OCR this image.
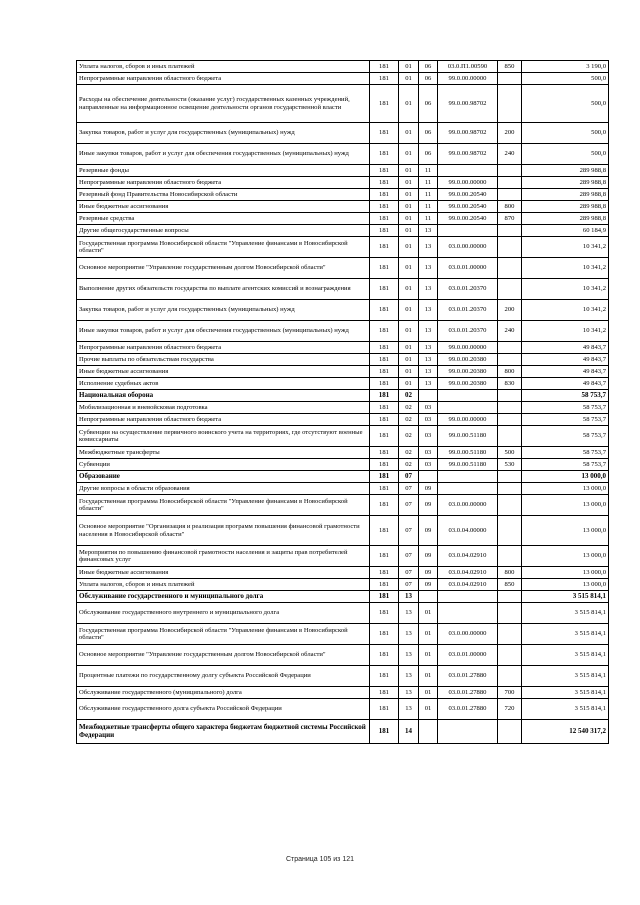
Уплата налогов, сборов и иных платежей	181	01	06	03.0.П1.00590	850	3 190,0
Непрограммные направления областного бюджета	181	01	06	99.0.00.00000		500,0
Расходы на обеспечение деятельности (оказание услуг) государственных казенных учреждений, направленные на информационное освещение деятельности органов государственной власти	181	01	06	99.0.00.98702		500,0
Закупка товаров, работ и услуг для государственных (муниципальных) нужд	181	01	06	99.0.00.98702	200	500,0
Иные закупки товаров, работ и услуг для обеспечения государственных (муниципальных) нужд	181	01	06	99.0.00.98702	240	500,0
Резервные фонды	181	01	11			289 988,8
Непрограммные направления областного бюджета	181	01	11	99.0.00.00000		289 988,8
Резервный фонд Правительства Новосибирской области	181	01	11	99.0.00.20540		289 988,8
Иные бюджетные ассигнования	181	01	11	99.0.00.20540	800	289 988,8
Резервные средства	181	01	11	99.0.00.20540	870	289 988,8
Другие общегосударственные вопросы	181	01	13			60 184,9
Государственная программа Новосибирской области "Управление финансами в Новосибирской области"	181	01	13	03.0.00.00000		10 341,2
Основное мероприятие "Управление государственным долгом Новосибирской области"	181	01	13	03.0.01.00000		10 341,2
Выполнение других обязательств государства по выплате агентских комиссий и вознаграждения	181	01	13	03.0.01.20370		10 341,2
Закупка товаров, работ и услуг для государственных (муниципальных) нужд	181	01	13	03.0.01.20370	200	10 341,2
Иные закупки товаров, работ и услуг для обеспечения государственных (муниципальных) нужд	181	01	13	03.0.01.20370	240	10 341,2
Непрограммные направления областного бюджета	181	01	13	99.0.00.00000		49 843,7
Прочие выплаты по обязательствам государства	181	01	13	99.0.00.20380		49 843,7
Иные бюджетные ассигнования	181	01	13	99.0.00.20380	800	49 843,7
Исполнение судебных актов	181	01	13	99.0.00.20380	830	49 843,7
Национальная оборона	181	02				58 753,7
Мобилизационная и вневойсковая подготовка	181	02	03			58 753,7
Непрограммные направления областного бюджета	181	02	03	99.0.00.00000		58 753,7
Субвенции на осуществление первичного воинского учета на территориях, где отсутствуют военные комиссариаты	181	02	03	99.0.00.51180		58 753,7
Межбюджетные трансферты	181	02	03	99.0.00.51180	500	58 753,7
Субвенции	181	02	03	99.0.00.51180	530	58 753,7
Образование	181	07				13 000,0
Другие вопросы в области образования	181	07	09			13 000,0
Государственная программа Новосибирской области "Управление финансами в Новосибирской области"	181	07	09	03.0.00.00000		13 000,0
Основное мероприятие "Организация и реализация программ повышения финансовой грамотности населения в Новосибирской области"	181	07	09	03.0.04.00000		13 000,0
Мероприятия по повышению финансовой грамотности населения и защиты прав потребителей финансовых услуг	181	07	09	03.0.04.02910		13 000,0
Иные бюджетные ассигнования	181	07	09	03.0.04.02910	800	13 000,0
Уплата налогов, сборов и иных платежей	181	07	09	03.0.04.02910	850	13 000,0
Обслуживание государственного и муниципального долга	181	13				3 515 814,1
Обслуживание государственного внутреннего и муниципального долга	181	13	01			3 515 814,1
Государственная программа Новосибирской области "Управление финансами в Новосибирской области"	181	13	01	03.0.00.00000		3 515 814,1
Основное мероприятие "Управление государственным долгом Новосибирской области"	181	13	01	03.0.01.00000		3 515 814,1
Процентные платежи по государственному долгу субъекта Российской Федерации	181	13	01	03.0.01.27880		3 515 814,1
Обслуживание государственного (муниципального) долга	181	13	01	03.0.01.27880	700	3 515 814,1
Обслуживание государственного долга субъекта Российской Федерации	181	13	01	03.0.01.27880	720	3 515 814,1
Межбюджетные трансферты общего характера бюджетам бюджетной системы Российской Федерации	181	14				12 540 317,2
Страница 105 из 121
